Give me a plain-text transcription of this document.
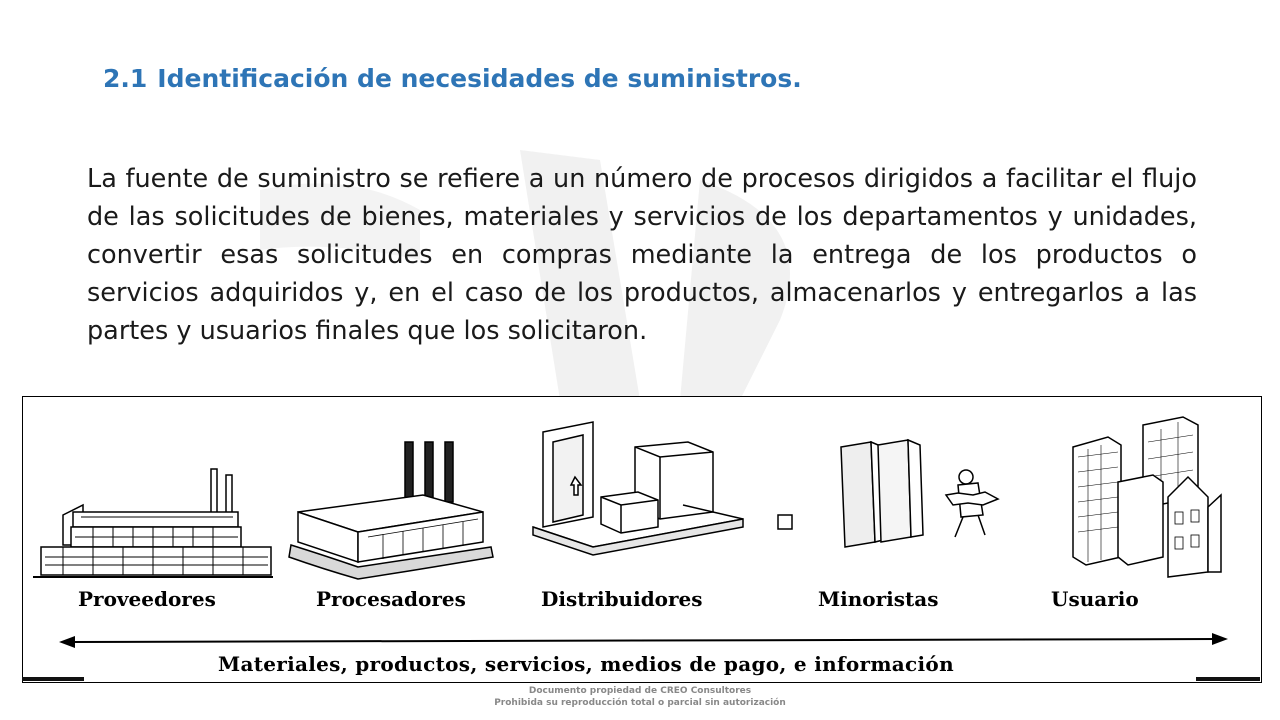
2.1 Identificación de necesidades de suministros.
La fuente de suministro se refiere a un número de procesos dirigidos a facilitar el flujo de las solicitudes de bienes, materiales y servicios de los departamentos y unidades, convertir esas solicitudes en compras mediante la entrega de los productos o servicios adquiridos y, en el caso de los productos, almacenarlos y entregarlos a las partes y usuarios finales que los solicitaron.
Proveedores	Procesadores	Distribuidores	Minoristas	Usuario
Materiales, productos, servicios, medios de pago, e información
Documento propiedad de CREO Consultores
Prohibida su reproducción total o parcial sin autorización
